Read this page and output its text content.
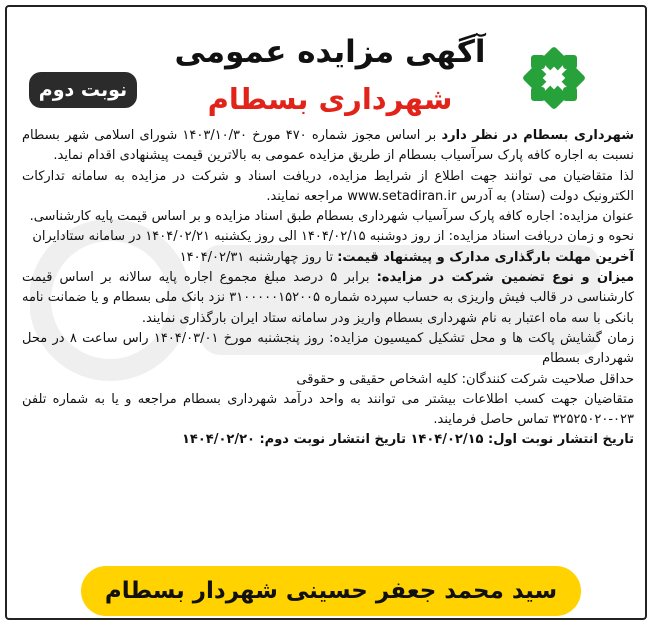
آگهی مزایده عمومی
شهرداری بسطام
نوبت دوم

شهرداری بسطام در نظر دارد بر اساس مجوز شماره ۴۷۰ مورخ ۱۴۰۳/۱۰/۳۰ شورای اسلامی شهر بسطام نسبت به اجاره کافه پارک سرآسیاب بسطام از طریق مزایده عمومی به بالاترین قیمت پیشنهادی اقدام نماید.

لذا متقاضیان می توانند جهت اطلاع از شرایط مزایده، دریافت اسناد و شرکت در مزایده به سامانه تدارکات الکترونیک دولت (ستاد) به آدرس www.setadiran.ir مراجعه نمایند.

عنوان مزایده: اجاره کافه پارک سرآسیاب شهرداری بسطام طبق اسناد مزایده و بر اساس قیمت پایه کارشناسی.

نحوه و زمان دریافت اسناد مزایده: از روز دوشنبه ۱۴۰۴/۰۲/۱۵ الی روز یکشنبه ۱۴۰۴/۰۲/۲۱ در سامانه ستادایران

آخرین مهلت بارگذاری مدارک و پیشنهاد قیمت: تا روز چهارشنبه ۱۴۰۴/۰۲/۳۱

میزان و نوع تضمین شرکت در مزایده: برابر ۵ درصد مبلغ مجموع اجاره پایه سالانه بر اساس قیمت کارشناسی در قالب فیش واریزی به حساب سپرده شماره ۳۱۰۰۰۰۰۱۵۲۰۰۵ نزد بانک ملی بسطام و یا ضمانت نامه بانکی با سه ماه اعتبار به نام شهرداری بسطام واریز ودر سامانه ستاد ایران بارگذاری نمایند.

زمان گشایش پاکت ها و محل تشکیل کمیسیون مزایده: روز پنجشنبه مورخ ۱۴۰۴/۰۳/۰۱ راس ساعت ۸ در محل شهرداری بسطام

حداقل صلاحیت شرکت کنندگان: کلیه اشخاص حقیقی و حقوقی

متقاضیان جهت کسب اطلاعات بیشتر می توانند به واحد درآمد شهرداری بسطام مراجعه و یا به شماره تلفن ۰۲۳-۳۲۵۲۵۰۲۰ تماس حاصل فرمایند.

تاریخ انتشار نوبت اول: ۱۴۰۴/۰۲/۱۵ تاریخ انتشار نوبت دوم: ۱۴۰۴/۰۲/۲۰

سید محمد جعفر حسینی شهردار بسطام
